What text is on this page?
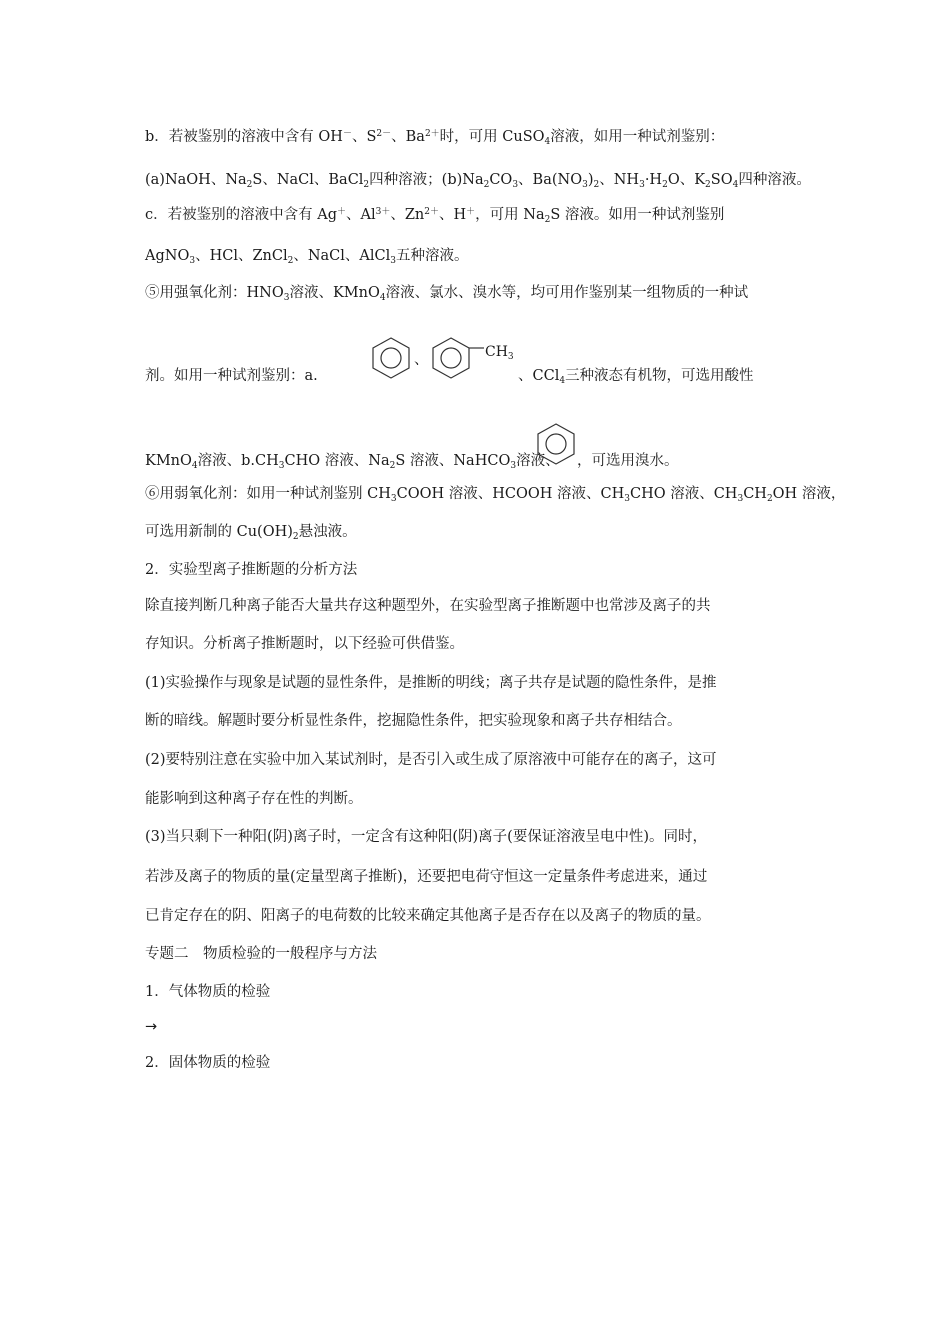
b．若被鉴别的溶液中含有 OH－、$S^{2-}$、$Ba^{2+}$时，可用 CuSO$_4$溶液，如用一种试剂鉴别：
(a)NaOH、$Na_2S$、NaCl、BaCl$_2$四种溶液；$(b)Na_2CO_3$、$Ba(NO_3)_2$、$NH_3\cdot H_2O$、$K_2SO_4$四种溶液。
c．若被鉴别的溶液中含有 Ag＋、$Al^{3+}$、$Zn^{2+}$、H＋，可用 $Na_2S$ 溶液。如用一种试剂鉴别
AgNO$_3$、HCl、ZnCl$_2$、NaCl、AlCl$_3$五种溶液。
⑤用强氧化剂：$HNO_3$溶液、KMnO$_4$溶液、氯水、溴水等，均可用作鉴别某一组物质的一种试
剂。如用一种试剂鉴别：a.
、	$CH_3$
、CCl$_4$三种液态有机物，可选用酸性
KMnO$_4$溶液、$b.CH_3CHO$ 溶液、$Na_2S$ 溶液、NaHCO$_3$溶液、 ，可选用溴水。
⑥用弱氧化剂：如用一种试剂鉴别 $CH_3COOH$ 溶液、HCOOH 溶液、$CH_3CHO$ 溶液、$CH_3CH_2OH$ 溶液，
可选用新制的 $Cu(OH)_2$悬浊液。
2．实验型离子推断题的分析方法
除直接判断几种离子能否大量共存这种题型外，在实验型离子推断题中也常涉及离子的共
存知识。分析离子推断题时，以下经验可供借鉴。
(1)实验操作与现象是试题的显性条件，是推断的明线；离子共存是试题的隐性条件，是推
断的暗线。解题时要分析显性条件，挖掘隐性条件，把实验现象和离子共存相结合。
(2)要特别注意在实验中加入某试剂时，是否引入或生成了原溶液中可能存在的离子，这可
能影响到这种离子存在性的判断。
(3)当只剩下一种阳(阴)离子时，一定含有这种阳(阴)离子(要保证溶液呈电中性)。同时，
若涉及离子的物质的量(定量型离子推断)，还要把电荷守恒这一定量条件考虑进来，通过
已肯定存在的阴、阳离子的电荷数的比较来确定其他离子是否存在以及离子的物质的量。
专题二　物质检验的一般程序与方法
1．气体物质的检验
→
2．固体物质的检验
